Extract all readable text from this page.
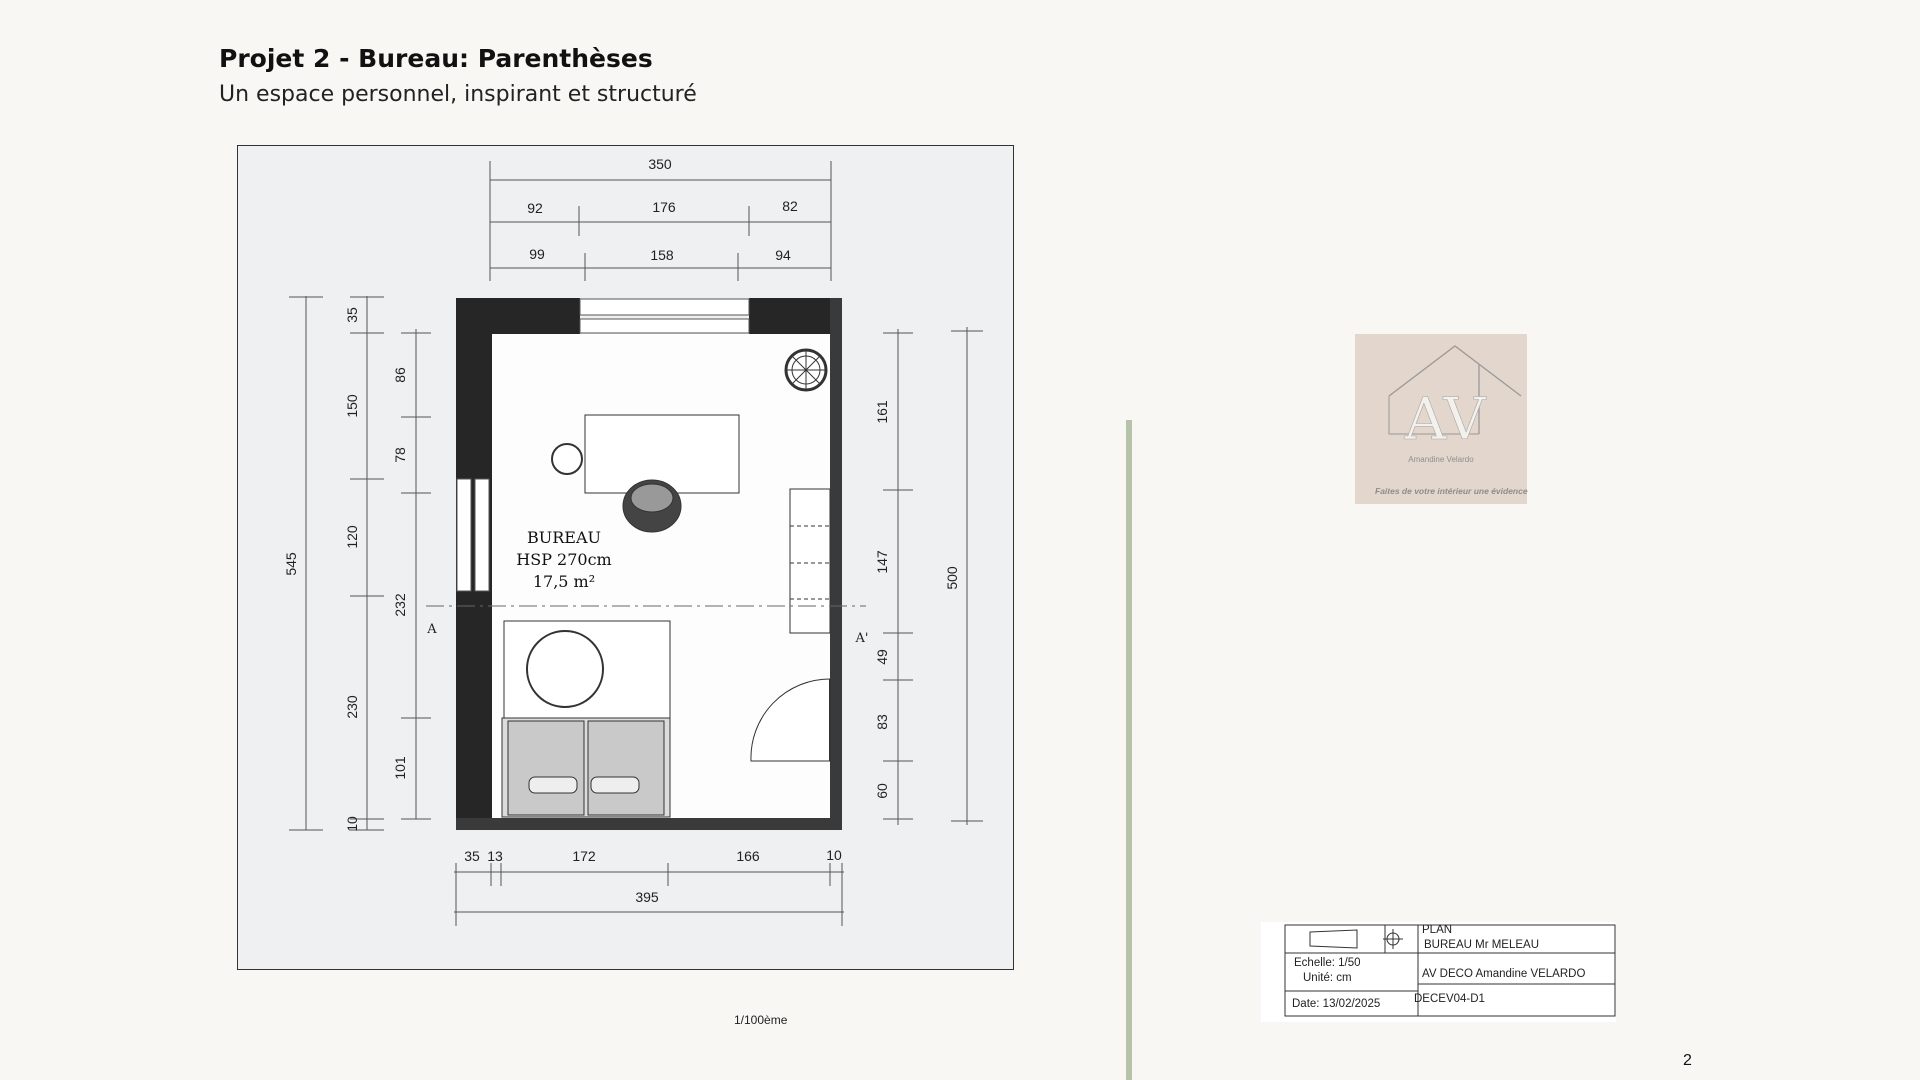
Projet 2 - Bureau: Parenthèses
Un espace personnel, inspirant et structuré
350
92	176	82
99	158	94
545
35
150
120
230
10
86
78
232
101
161
147
49
83
60
500
35 13	172	166	10
395
BUREAU
HSP 270cm
17,5 m²
A
A'
1/100ème
AV
Amandine Velardo
Faites de votre intérieur une évidence
PLAN
BUREAU Mr MELEAU
Echelle: 1/50
Unité: cm	AV DECO Amandine VELARDO
Date: 13/02/2025	DECEV04-D1
2
